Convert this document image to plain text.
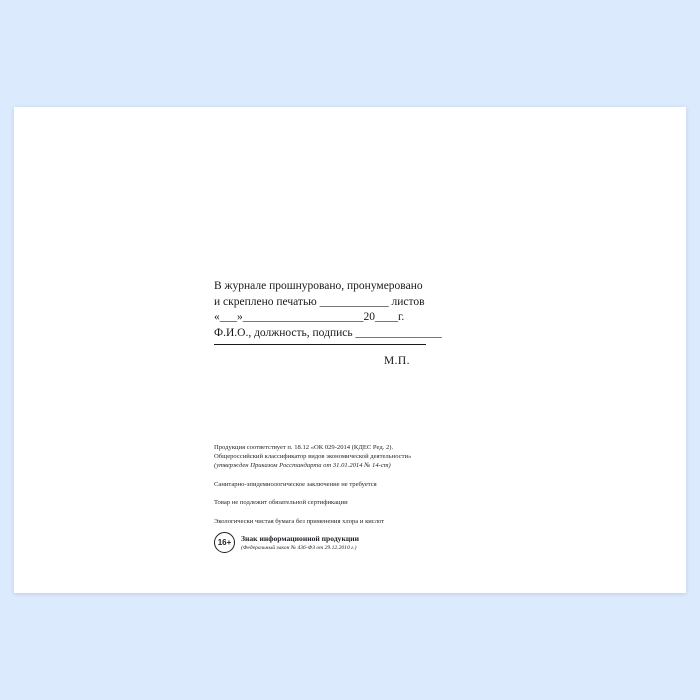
В журнале прошнуровано, пронумеровано
и скреплено печатью ____________ листов
«___»_____________________20____г.
Ф.И.О., должность, подпись _______________
М.П.
Продукция соответствует п. 18.12 «ОК 029-2014 (КДЕС Ред. 2).
Общероссийский классификатор видов экономической деятельности»
(утвержден Приказом Росстандарта от 31.01.2014 № 14-ст)
Санитарно-эпидемиологическое заключение не требуется
Товар не подлежит обязательной сертификации
Экологически чистая бумага без применения хлора и кислот
16+	Знак информационной продукции
(Федеральный закон № 436-ФЗ от 29.12.2010 г.)
